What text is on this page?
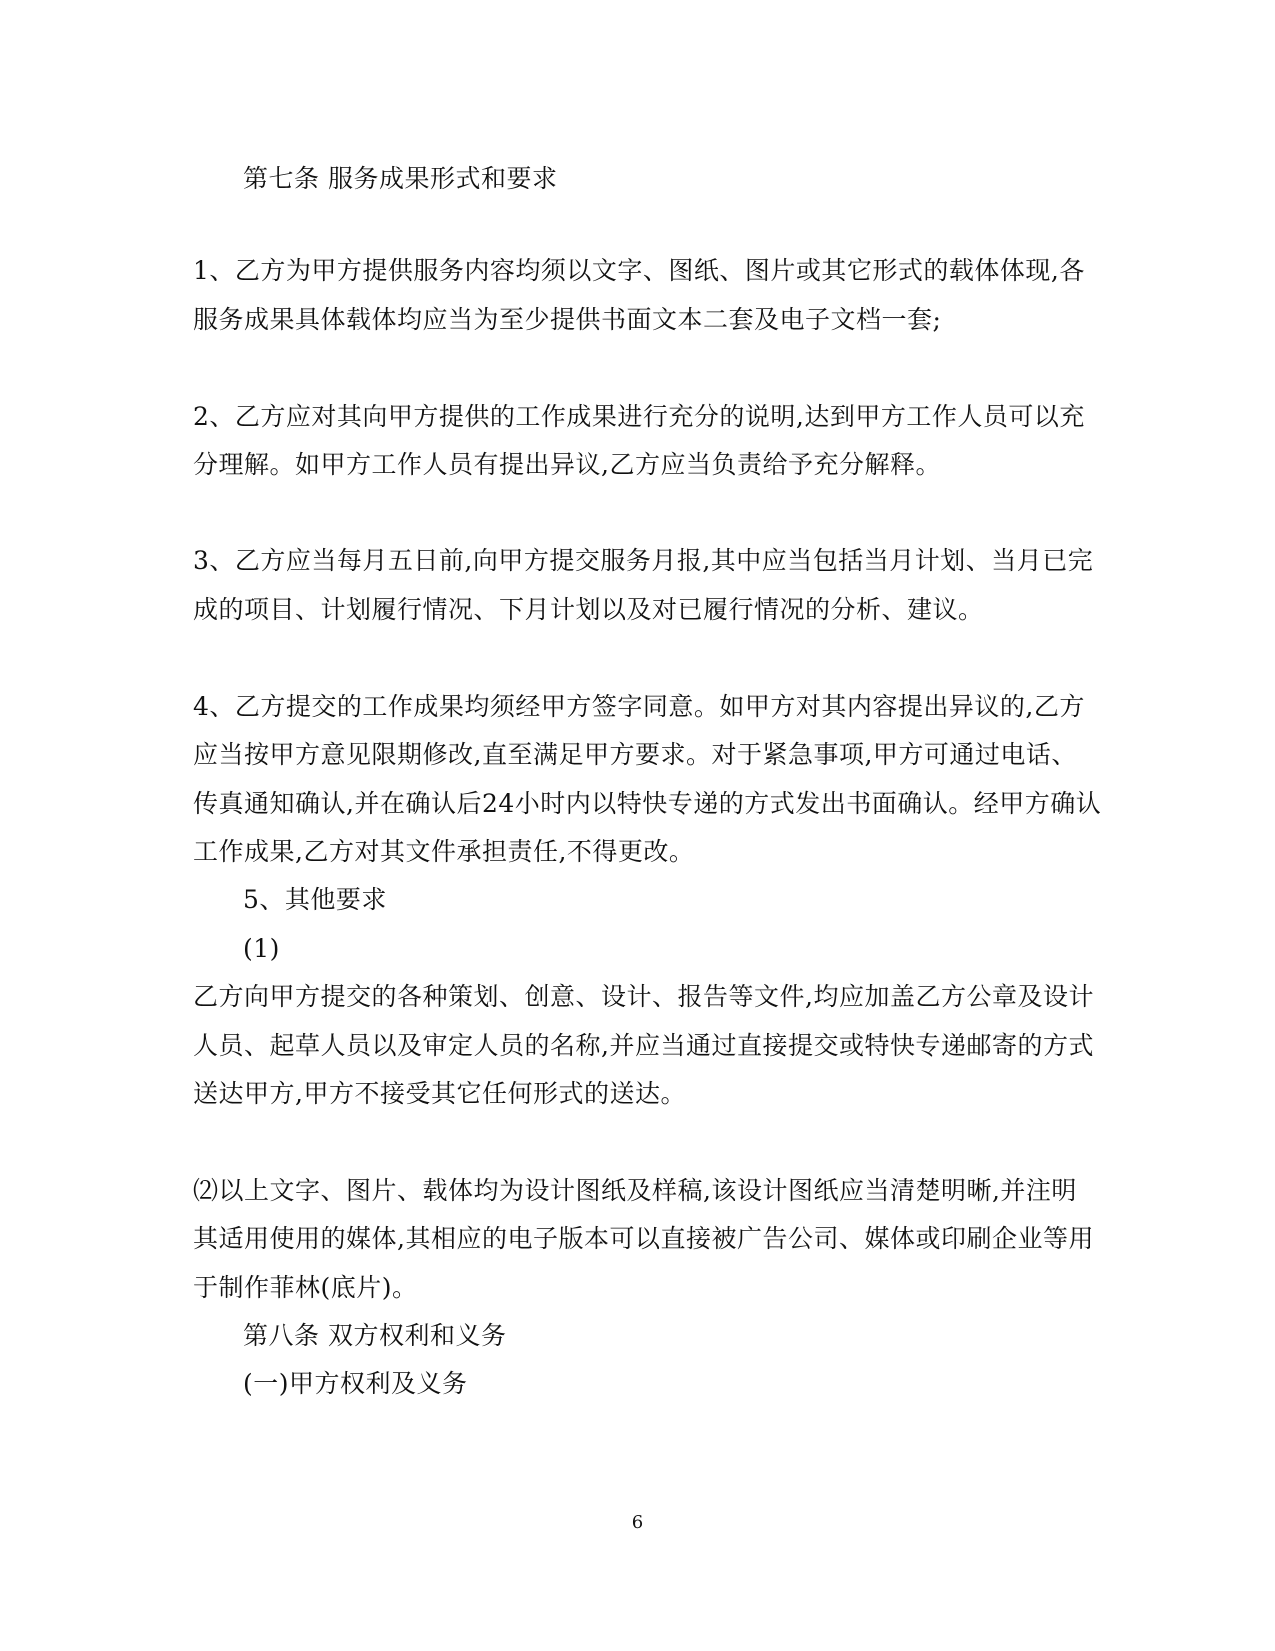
第七条 服务成果形式和要求
1、乙方为甲方提供服务内容均须以文字、图纸、图片或其它形式的载体体现,各
服务成果具体载体均应当为至少提供书面文本二套及电子文档一套;
2、乙方应对其向甲方提供的工作成果进行充分的说明,达到甲方工作人员可以充
分理解。如甲方工作人员有提出异议,乙方应当负责给予充分解释。
3、乙方应当每月五日前,向甲方提交服务月报,其中应当包括当月计划、当月已完
成的项目、计划履行情况、下月计划以及对已履行情况的分析、建议。
4、乙方提交的工作成果均须经甲方签字同意。如甲方对其内容提出异议的,乙方
应当按甲方意见限期修改,直至满足甲方要求。对于紧急事项,甲方可通过电话、
传真通知确认,并在确认后24小时内以特快专递的方式发出书面确认。经甲方确认
工作成果,乙方对其文件承担责任,不得更改。
5、其他要求
(1)
乙方向甲方提交的各种策划、创意、设计、报告等文件,均应加盖乙方公章及设计
人员、起草人员以及审定人员的名称,并应当通过直接提交或特快专递邮寄的方式
送达甲方,甲方不接受其它任何形式的送达。
⑵以上文字、图片、载体均为设计图纸及样稿,该设计图纸应当清楚明晰,并注明
其适用使用的媒体,其相应的电子版本可以直接被广告公司、媒体或印刷企业等用
于制作菲林(底片)。
第八条 双方权利和义务
(一)甲方权利及义务
6
